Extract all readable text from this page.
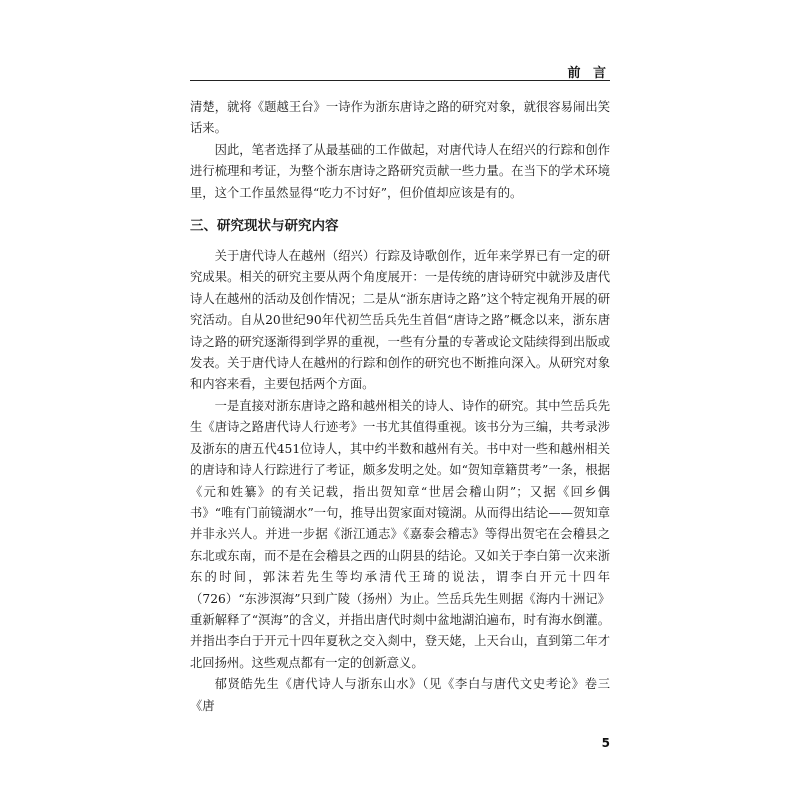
前 言

清楚，就将《题越王台》一诗作为浙东唐诗之路的研究对象，就很容易闹出笑话来。

因此，笔者选择了从最基础的工作做起，对唐代诗人在绍兴的行踪和创作进行梳理和考证，为整个浙东唐诗之路研究贡献一些力量。在当下的学术环境里，这个工作虽然显得“吃力不讨好”，但价值却应该是有的。

三、研究现状与研究内容

关于唐代诗人在越州（绍兴）行踪及诗歌创作，近年来学界已有一定的研究成果。相关的研究主要从两个角度展开：一是传统的唐诗研究中就涉及唐代诗人在越州的活动及创作情况；二是从“浙东唐诗之路”这个特定视角开展的研究活动。自从20世纪90年代初竺岳兵先生首倡“唐诗之路”概念以来，浙东唐诗之路的研究逐渐得到学界的重视，一些有分量的专著或论文陆续得到出版或发表。关于唐代诗人在越州的行踪和创作的研究也不断推向深入。从研究对象和内容来看，主要包括两个方面。

一是直接对浙东唐诗之路和越州相关的诗人、诗作的研究。其中竺岳兵先生《唐诗之路唐代诗人行迹考》一书尤其值得重视。该书分为三编，共考录涉及浙东的唐五代451位诗人，其中约半数和越州有关。书中对一些和越州相关的唐诗和诗人行踪进行了考证，颇多发明之处。如“贺知章籍贯考”一条，根据《元和姓纂》的有关记载，指出贺知章“世居会稽山阴”；又据《回乡偶书》“唯有门前镜湖水”一句，推导出贺家面对镜湖。从而得出结论——贺知章并非永兴人。并进一步据《浙江通志》《嘉泰会稽志》等得出贺宅在会稽县之东北或东南，而不是在会稽县之西的山阴县的结论。又如关于李白第一次来浙东的时间，郭沫若先生等均承清代王琦的说法，谓李白开元十四年（726）“东涉溟海”只到广陵（扬州）为止。竺岳兵先生则据《海内十洲记》重新解释了“溟海”的含义，并指出唐代时剡中盆地湖泊遍布，时有海水倒灌。并指出李白于开元十四年夏秋之交入剡中，登天姥，上天台山，直到第二年才北回扬州。这些观点都有一定的创新意义。

郁贤皓先生《唐代诗人与浙东山水》（见《李白与唐代文史考论》卷三《唐

5
